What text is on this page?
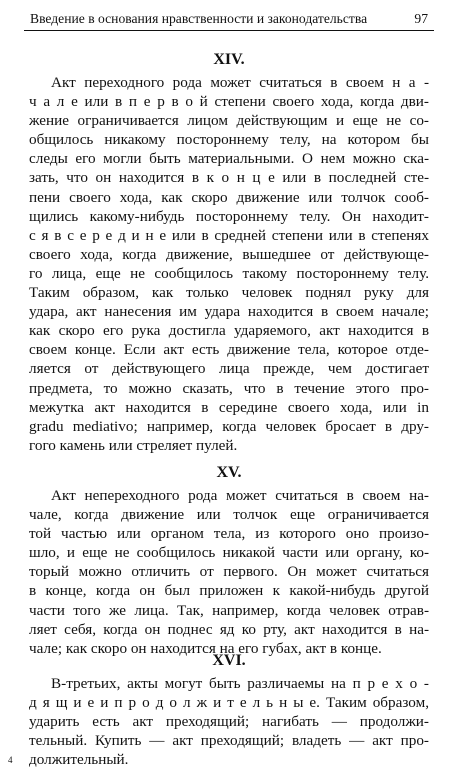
Введение в основания нравственности и законодательства	97
XIV.
Акт переходного рода может считаться в своем н а -
ч а л е или в п е р в о й степени своего хода, когда дви-
жение ограничивается лицом действующим и еще не со-
общилось никакому постороннему телу, на котором бы
следы его могли быть материальными. О нем можно ска-
зать, что он находится в к о н ц е или в последней сте-
пени своего хода, как скоро движение или толчок сооб-
щились какому-нибудь постороннему телу. Он находит-
с я в с е р е д и н е или в средней степени или в степенях
своего хода, когда движение, вышедшее от действующе-
го лица, еще не сообщилось такому постороннему телу.
Таким образом, как только человек поднял руку для
удара, акт нанесения им удара находится в своем начале;
как скоро его рука достигла ударяемого, акт находится в
своем конце. Если акт есть движение тела, которое отде-
ляется от действующего лица прежде, чем достигает
предмета, то можно сказать, что в течение этого про-
межутка акт находится в середине своего хода, или in
gradu mediativo; например, когда человек бросает в дру-
гого камень или стреляет пулей.
XV.
Акт непереходного рода может считаться в своем на-
чале, когда движение или толчок еще ограничивается
той частью или органом тела, из которого оно произо-
шло, и еще не сообщилось никакой части или органу, ко-
торый можно отличить от первого. Он может считаться
в конце, когда он был приложен к какой-нибудь другой
части того же лица. Так, например, когда человек отрав-
ляет себя, когда он поднес яд ко рту, акт находится в на-
чале; как скоро он находится на его губах, акт в конце.
XVI.
В-третьих, акты могут быть различаемы на п р е х о -
д я щ и е и п р о д о л ж и т е л ь н ы е. Таким образом,
ударить есть акт преходящий; нагибать — продолжи-
тельный. Купить — акт преходящий; владеть — акт про-
должительный.
4
